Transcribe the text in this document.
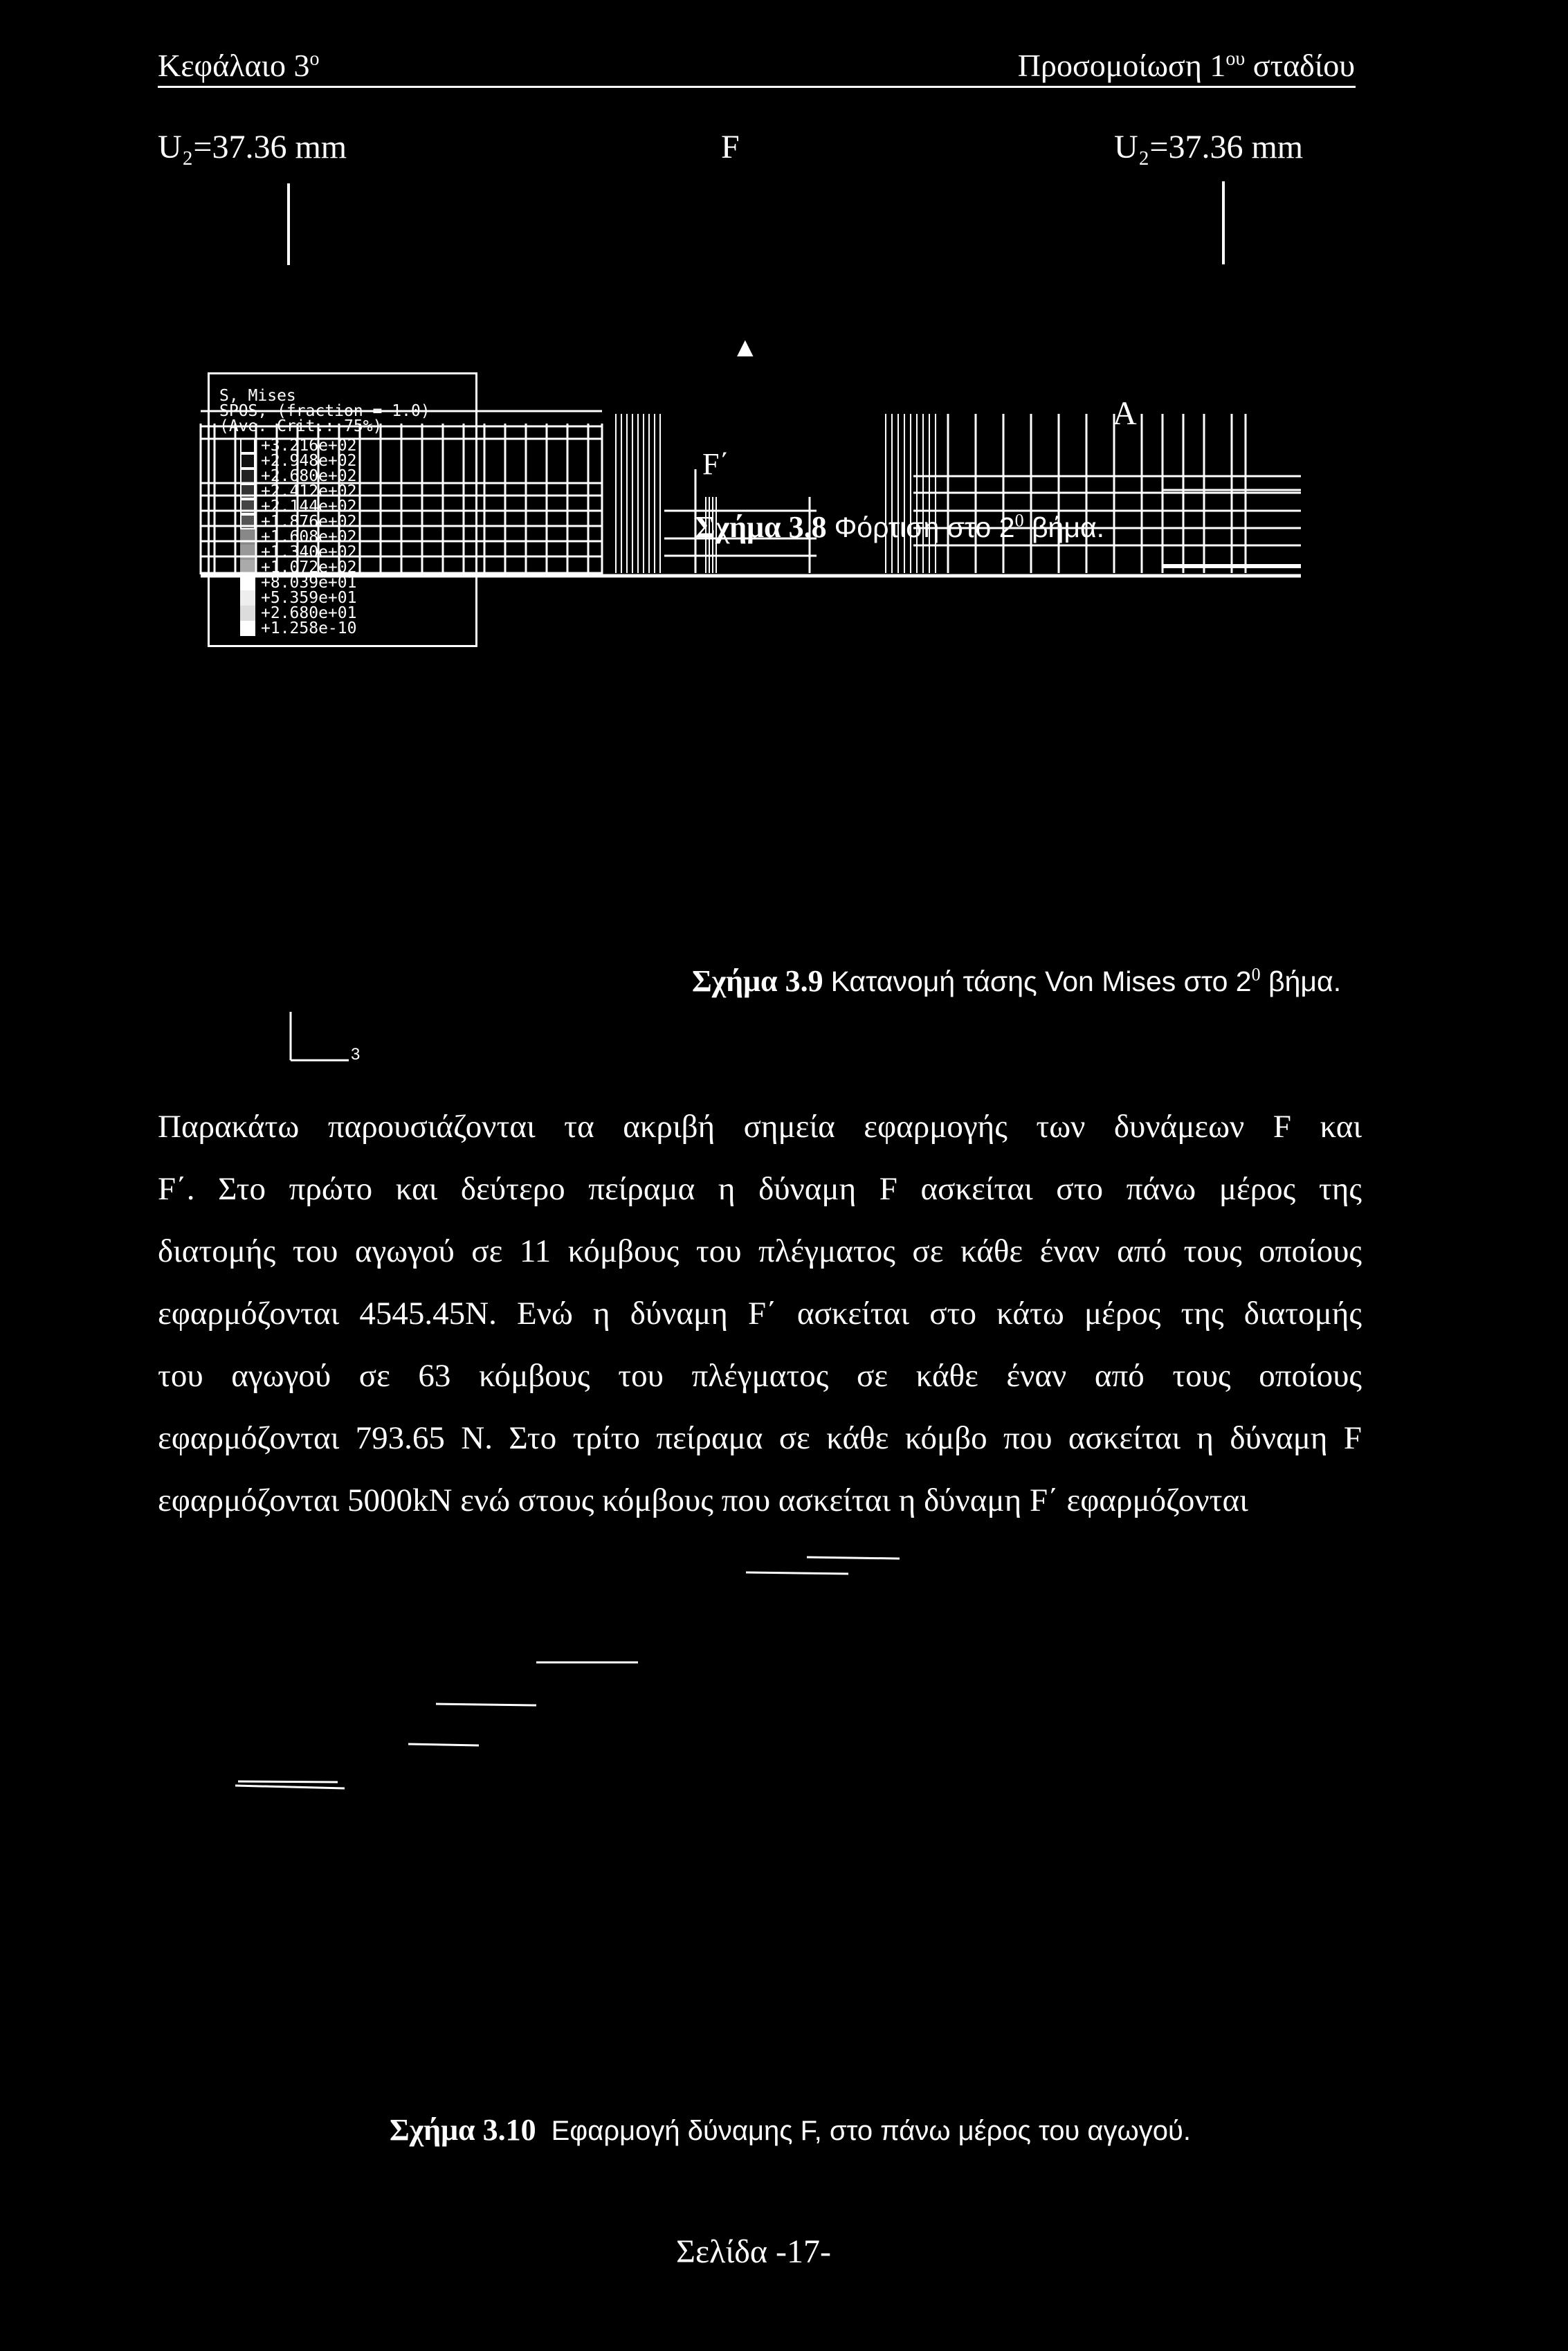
Κεφάλαιο $3^o$	Προσομοίωση $1^{o\upsilon}$ σταδίου
U₂=37.36 mm	F	U₂=37.36 mm
▲
A
F΄
Σχήμα 3.8 Φόρτιση στο $2^0$ βήμα.
S, Mises
SPOS, (fraction = 1.0)
(Ave. Crit.: 75%)
+3.216e+02
+2.948e+02
+2.680e+02
+2.412e+02
+2.144e+02
+1.876e+02
+1.608e+02
+1.340e+02
+1.072e+02
+8.039e+01
+5.359e+01
+2.680e+01
+1.258e-10
Σχήμα 3.9 Κατανομή τάσης Von Mises στο $2^0$ βήμα.
3

Παρακάτω παρουσιάζονται τα ακριβή σημεία εφαρμογής των δυνάμεων F και

F΄. Στο πρώτο και δεύτερο πείραμα η δύναμη F ασκείται στο πάνω μέρος της

διατομής του αγωγού σε 11 κόμβους του πλέγματος σε κάθε έναν από τους οποίους

εφαρμόζονται 4545.45N. Ενώ η δύναμη F΄ ασκείται στο κάτω μέρος της διατομής

του αγωγού σε 63 κόμβους του πλέγματος σε κάθε έναν από τους οποίους

εφαρμόζονται 793.65 N. Στο τρίτο πείραμα σε κάθε κόμβο που ασκείται η δύναμη F

εφαρμόζονται 5000kN ενώ στους κόμβους που ασκείται η δύναμη F΄ εφαρμόζονται

Σχήμα 3.10 Εφαρμογή δύναμης F, στο πάνω μέρος του αγωγού.
Σελίδα -17-
